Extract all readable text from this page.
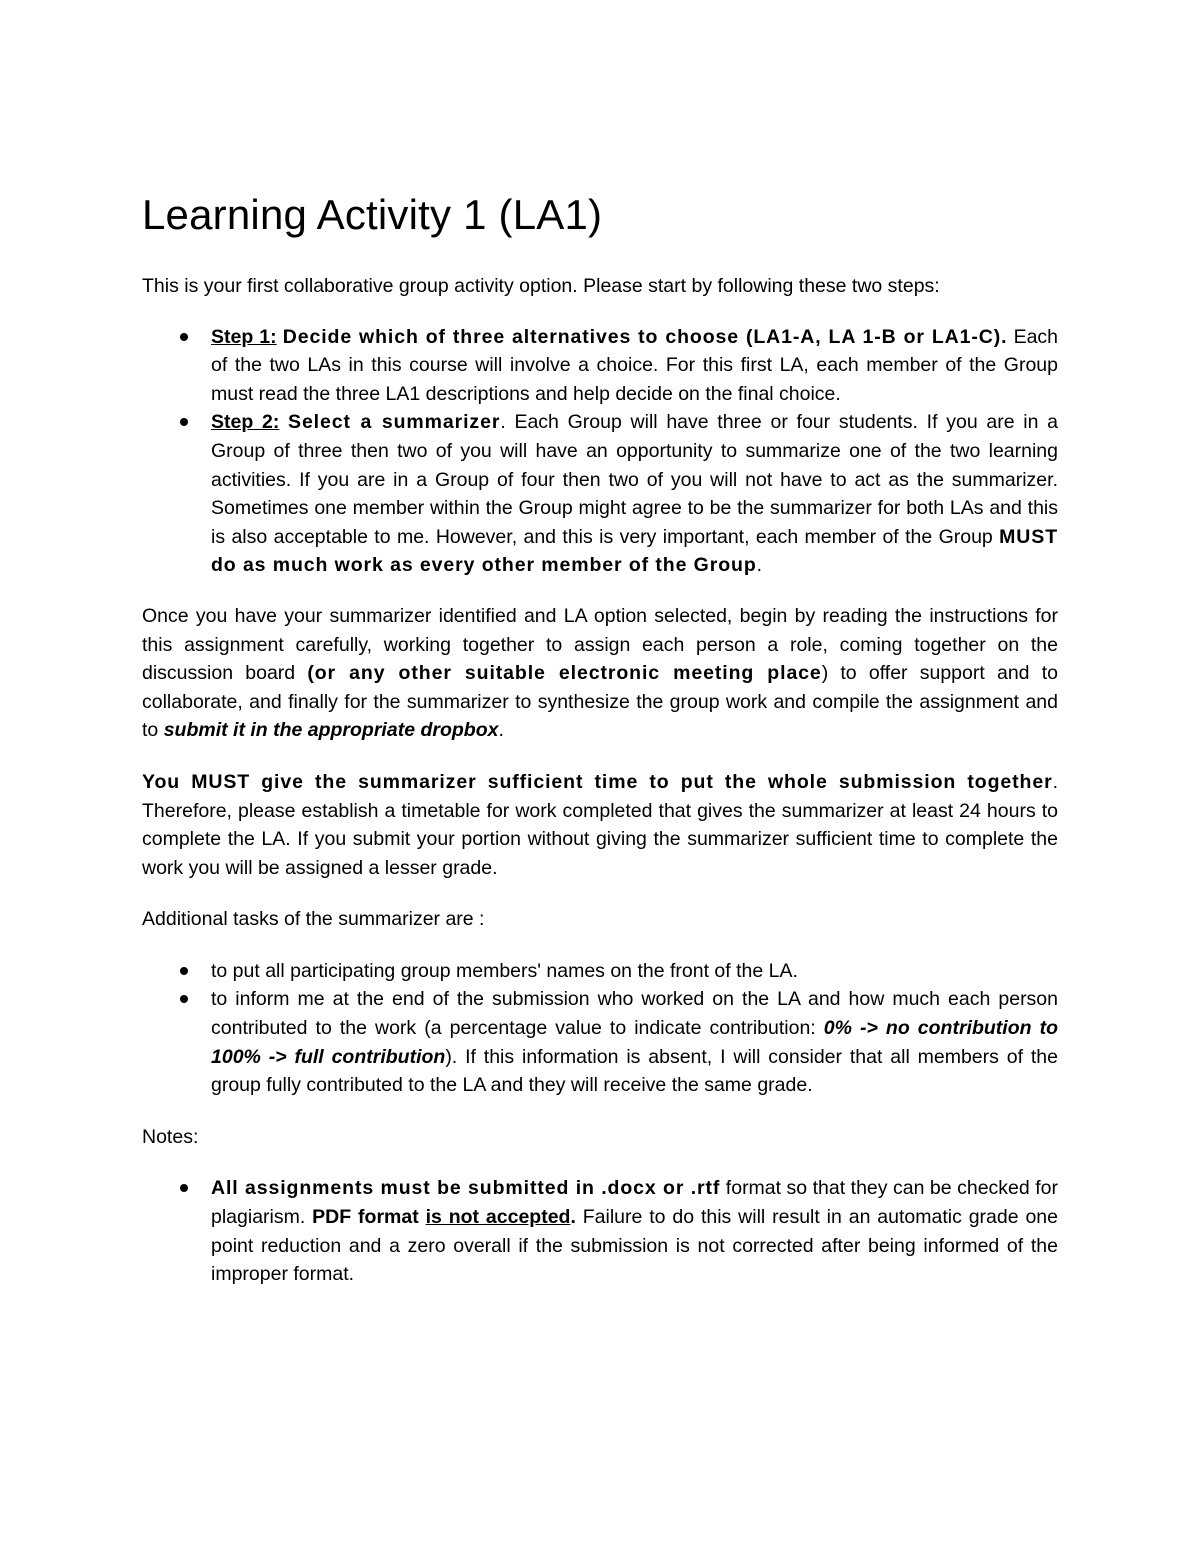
Learning Activity 1 (LA1)

This is your first collaborative group activity option. Please start by following these two steps:

Step 1: Decide which of three alternatives to choose (LA1-A, LA 1-B or LA1-C). Each of the two LAs in this course will involve a choice. For this first LA, each member of the Group must read the three LA1 descriptions and help decide on the final choice.
Step 2: Select a summarizer. Each Group will have three or four students. If you are in a Group of three then two of you will have an opportunity to summarize one of the two learning activities. If you are in a Group of four then two of you will not have to act as the summarizer. Sometimes one member within the Group might agree to be the summarizer for both LAs and this is also acceptable to me. However, and this is very important, each member of the Group MUST do as much work as every other member of the Group.

Once you have your summarizer identified and LA option selected, begin by reading the instructions for this assignment carefully, working together to assign each person a role, coming together on the discussion board (or any other suitable electronic meeting place) to offer support and to collaborate, and finally for the summarizer to synthesize the group work and compile the assignment and to submit it in the appropriate dropbox.

You MUST give the summarizer sufficient time to put the whole submission together. Therefore, please establish a timetable for work completed that gives the summarizer at least 24 hours to complete the LA. If you submit your portion without giving the summarizer sufficient time to complete the work you will be assigned a lesser grade.

Additional tasks of the summarizer are :

to put all participating group members' names on the front of the LA.
to inform me at the end of the submission who worked on the LA and how much each person contributed to the work (a percentage value to indicate contribution: 0% -> no contribution to 100% -> full contribution). If this information is absent, I will consider that all members of the group fully contributed to the LA and they will receive the same grade.

Notes:

All assignments must be submitted in .docx or .rtf format so that they can be checked for plagiarism. PDF format is not accepted. Failure to do this will result in an automatic grade one point reduction and a zero overall if the submission is not corrected after being informed of the improper format.
